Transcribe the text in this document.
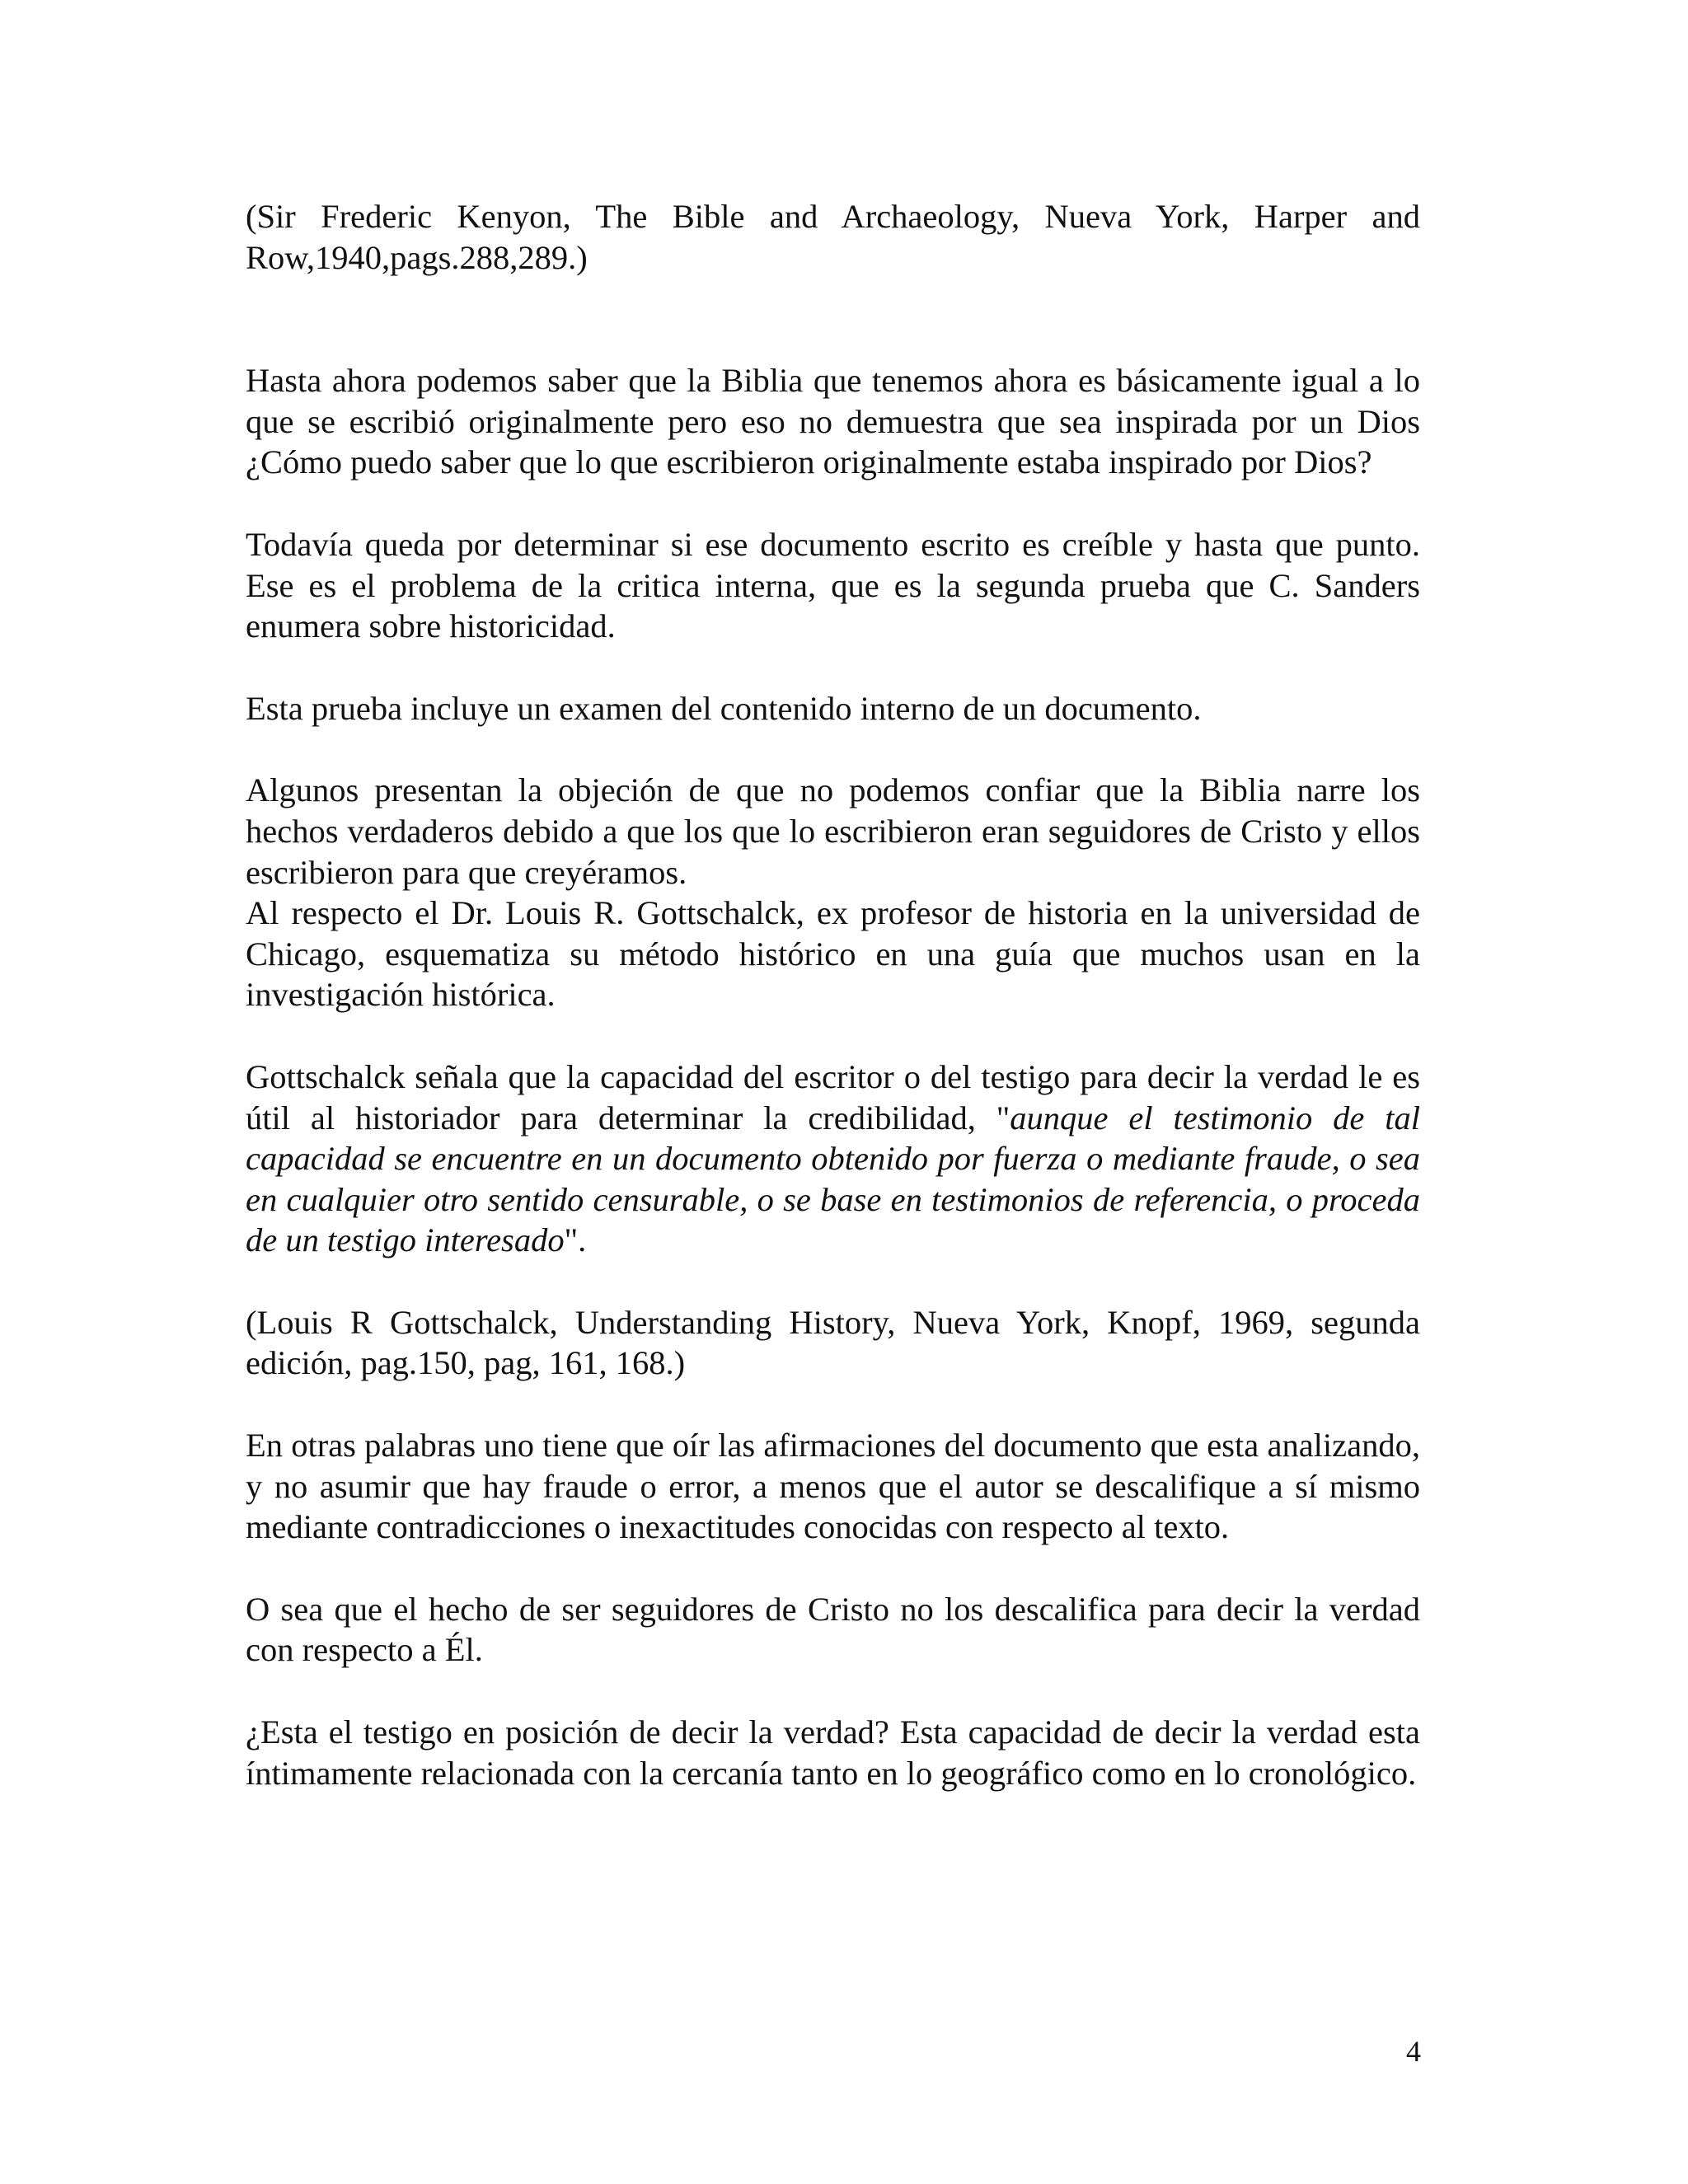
(Sir Frederic Kenyon, The Bible and Archaeology, Nueva York, Harper and Row,1940,pags.288,289.)

Hasta ahora podemos saber que la Biblia que tenemos ahora es básicamente igual a lo que se escribió originalmente pero eso no demuestra que sea inspirada por un Dios ¿Cómo puedo saber que lo que escribieron originalmente estaba inspirado por Dios?

Todavía queda por determinar si ese documento escrito es creíble y hasta que punto. Ese es el problema de la critica interna, que es la segunda prueba que C. Sanders enumera sobre historicidad.

Esta prueba incluye un examen del contenido interno de un documento.

Algunos presentan la objeción de que no podemos confiar que la Biblia narre los hechos verdaderos debido a que los que lo escribieron eran seguidores de Cristo y ellos escribieron para que creyéramos.

Al respecto el Dr. Louis R. Gottschalck, ex profesor de historia en la universidad de Chicago, esquematiza su método histórico en una guía que muchos usan en la investigación histórica.

Gottschalck señala que la capacidad del escritor o del testigo para decir la verdad le es útil al historiador para determinar la credibilidad, "aunque el testimonio de tal capacidad se encuentre en un documento obtenido por fuerza o mediante fraude, o sea en cualquier otro sentido censurable, o se base en testimonios de referencia, o proceda de un testigo interesado".

(Louis R Gottschalck, Understanding History, Nueva York, Knopf, 1969, segunda edición, pag.150, pag, 161, 168.)

En otras palabras uno tiene que oír las afirmaciones del documento que esta analizando, y no asumir que hay fraude o error, a menos que el autor se descalifique a sí mismo mediante contradicciones o inexactitudes conocidas con respecto al texto.

O sea que el hecho de ser seguidores de Cristo no los descalifica para decir la verdad con respecto a Él.

¿Esta el testigo en posición de decir la verdad? Esta capacidad de decir la verdad esta íntimamente relacionada con la cercanía tanto en lo geográfico como en lo cronológico.

4
